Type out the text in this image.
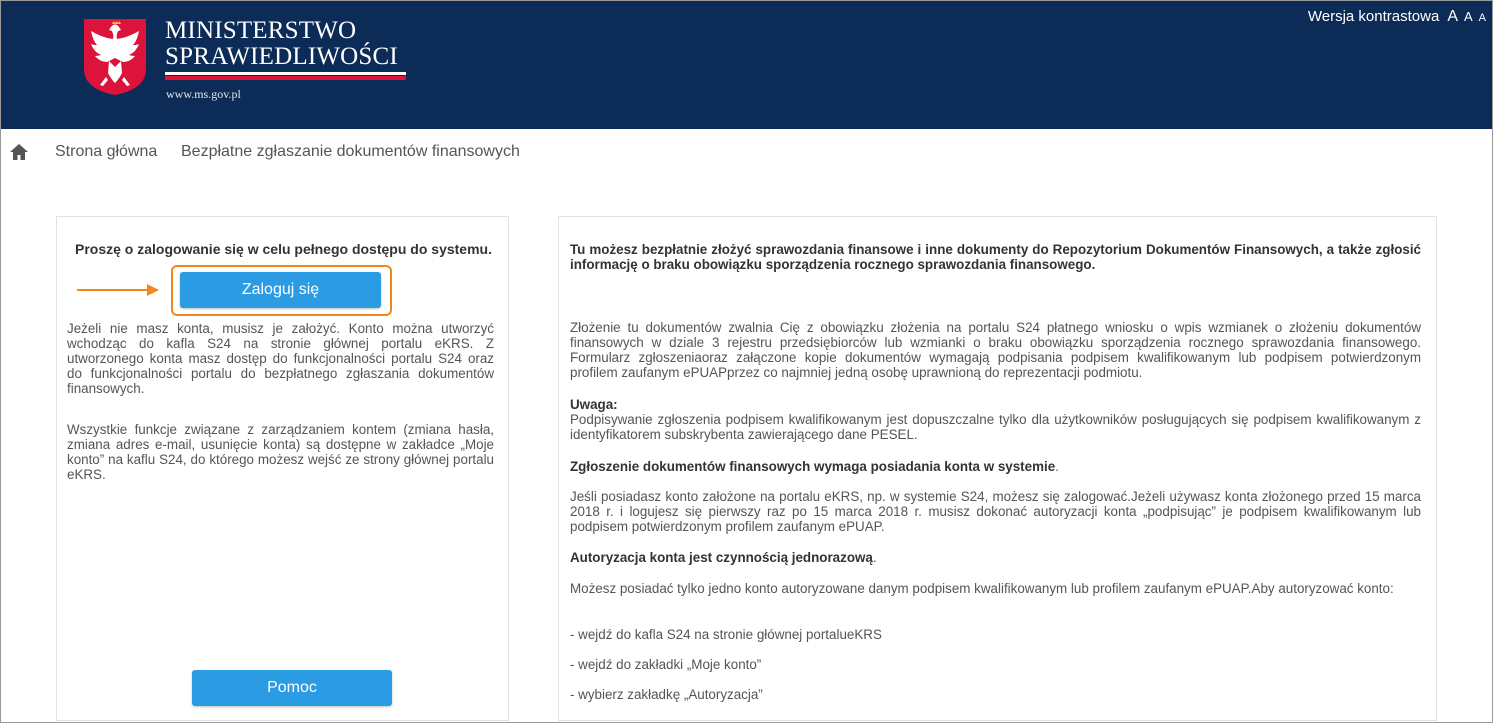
MINISTERSTWO
SPRAWIEDLIWOŚCI
www.ms.gov.pl
Wersja kontrastowa A A A
Strona główna Bezpłatne zgłaszanie dokumentów finansowych
Proszę o zalogowanie się w celu pełnego dostępu do systemu.
Zaloguj się

Jeżeli nie masz konta, musisz je założyć. Konto można utworzyć wchodząc do kafla S24 na stronie głównej portalu eKRS. Z utworzonego konta masz dostęp do funkcjonalności portalu S24 oraz do funkcjonalności portalu do bezpłatnego zgłaszania dokumentów finansowych.

Wszystkie funkcje związane z zarządzaniem kontem (zmiana hasła, zmiana adres e-mail, usunięcie konta) są dostępne w zakładce „Moje konto” na kaflu S24, do którego możesz wejść ze strony głównej portalu eKRS.

Pomoc

Tu możesz bezpłatnie złożyć sprawozdania finansowe i inne dokumenty do Repozytorium Dokumentów Finansowych, a także zgłosić informację o braku obowiązku sporządzenia rocznego sprawozdania finansowego.

Złożenie tu dokumentów zwalnia Cię z obowiązku złożenia na portalu S24 płatnego wniosku o wpis wzmianek o złożeniu dokumentów finansowych w dziale 3 rejestru przedsiębiorców lub wzmianki o braku obowiązku sporządzenia rocznego sprawozdania finansowego. Formularz zgłoszeniaoraz załączone kopie dokumentów wymagają podpisania podpisem kwalifikowanym lub podpisem potwierdzonym profilem zaufanym ePUAPprzez co najmniej jedną osobę uprawnioną do reprezentacji podmiotu.

Uwaga:

Podpisywanie zgłoszenia podpisem kwalifikowanym jest dopuszczalne tylko dla użytkowników posługujących się podpisem kwalifikowanym z identyfikatorem subskrybenta zawierającego dane PESEL.

Zgłoszenie dokumentów finansowych wymaga posiadania konta w systemie.

Jeśli posiadasz konto założone na portalu eKRS, np. w systemie S24, możesz się zalogować.Jeżeli używasz konta złożonego przed 15 marca 2018 r. i logujesz się pierwszy raz po 15 marca 2018 r. musisz dokonać autoryzacji konta „podpisując” je podpisem kwalifikowanym lub podpisem potwierdzonym profilem zaufanym ePUAP.

Autoryzacja konta jest czynnością jednorazową.

Możesz posiadać tylko jedno konto autoryzowane danym podpisem kwalifikowanym lub profilem zaufanym ePUAP.Aby autoryzować konto:

- wejdź do kafla S24 na stronie głównej portalueKRS

- wejdź do zakładki „Moje konto”

- wybierz zakładkę „Autoryzacja”
